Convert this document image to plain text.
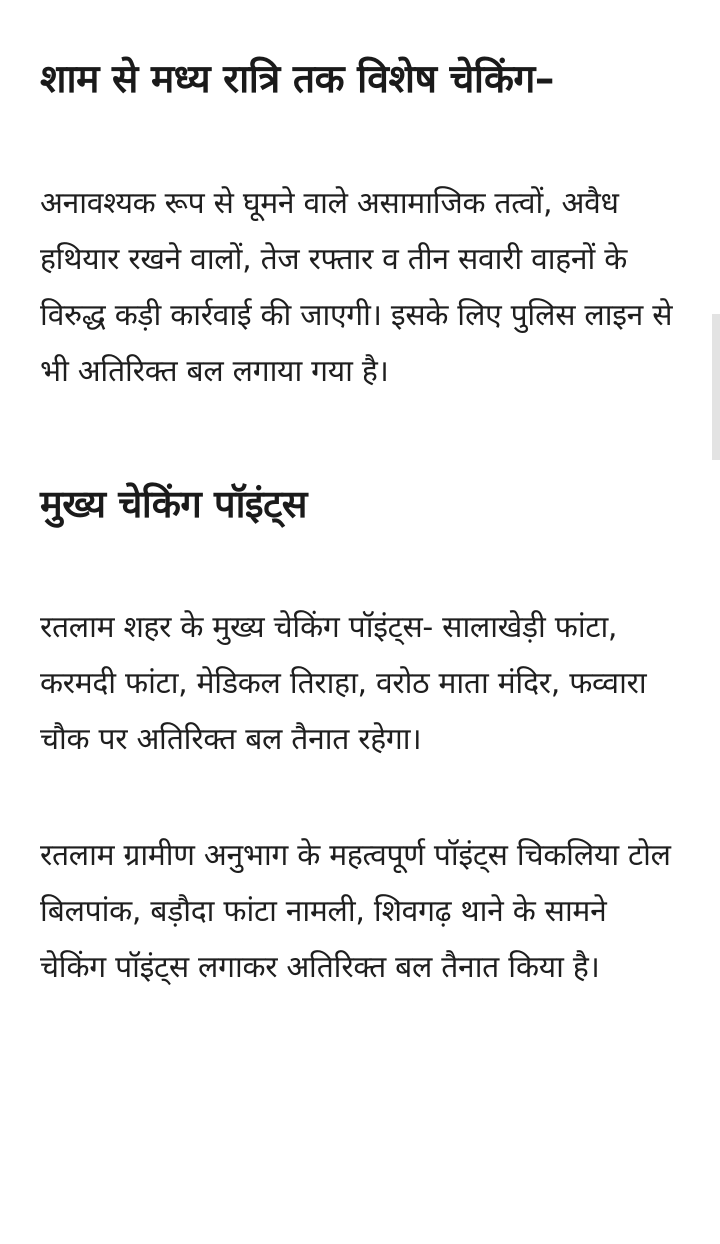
शाम से मध्य रात्रि तक विशेष चेकिंग–

अनावश्यक रूप से घूमने वाले असामाजिक तत्वों, अवैध हथियार रखने वालों, तेज रफ्तार व तीन सवारी वाहनों के विरुद्ध कड़ी कार्रवाई की जाएगी। इसके लिए पुलिस लाइन से भी अतिरिक्त बल लगाया गया है।

मुख्य चेकिंग पॉइंट्स

रतलाम शहर के मुख्य चेकिंग पॉइंट्स- सालाखेड़ी फांटा, करमदी फांटा, मेडिकल तिराहा, वरोठ माता मंदिर, फव्वारा चौक पर अतिरिक्त बल तैनात रहेगा।

रतलाम ग्रामीण अनुभाग के महत्वपूर्ण पॉइंट्स चिकलिया टोल बिलपांक, बड़ौदा फांटा नामली, शिवगढ़ थाने के सामने चेकिंग पॉइंट्स लगाकर अतिरिक्त बल तैनात किया है।
